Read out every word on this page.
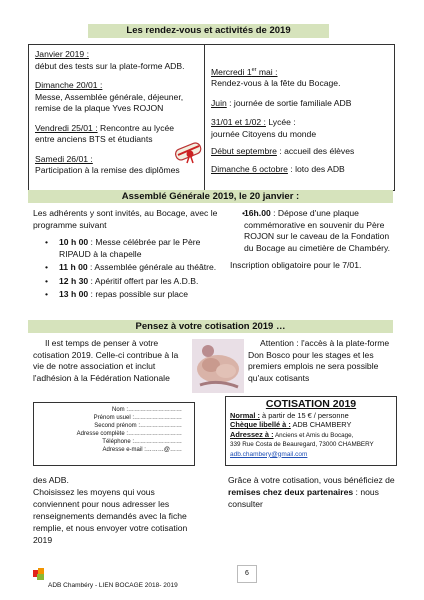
Les rendez-vous et activités de 2019
Janvier 2019 :
début des tests sur la plate-forme ADB.
Dimanche 20/01 :
Messe, Assemblée générale, déjeuner, remise de la plaque Yves ROJON
Vendredi 25/01 : Rencontre au lycée entre anciens BTS et étudiants
Samedi 26/01 :
Participation à la remise des diplômes
Mercredi 1er mai :
Rendez-vous à la fête du Bocage.
Juin : journée de sortie familiale ADB
31/01 et 1/02 : Lycée :
journée Citoyens du monde
Début septembre : accueil des élèves
Dimanche 6 octobre : loto des ADB
Assemblé Générale 2019, le 20 janvier :
Les adhérents y sont invités, au Bocage, avec le programme suivant
• 10 h 00 : Messe célébrée par le Père RIPAUD à la chapelle
• 11 h 00 : Assemblée générale au théâtre.
• 12 h 30 : Apéritif offert par les A.D.B.
• 13 h 00 : repas possible sur place
• 16h.00 : Dépose d'une plaque commémorative en souvenir du Père ROJON sur le caveau de la Fondation du Bocage au cimetière de Chambéry.
Inscription obligatoire pour le 7/01.
Pensez à votre cotisation 2019 …
Il est temps de penser à votre cotisation 2019. Celle-ci contribue à la vie de notre association et inclut l'adhésion à la Fédération Nationale
Attention : l'accès à la plate-forme Don Bosco pour les stages et les premiers emplois ne sera possible qu'aux cotisants
Nom :………………………
Prénom usuel :……………………
Second prénom :…………………
Adresse complète :………………………
Téléphone :……………………
Adresse e-mail :………@……
COTISATION 2019
Normal : à partir de 15 € / personne
Chèque libellé à : ADB CHAMBERY
Adressez à : Anciens et Amis du Bocage,
339 Rue Costa de Beauregard, 73000 CHAMBERY
adb.chambery@gmail.com
des ADB.
Choisissez les moyens qui vous conviennent pour nous adresser les renseignements demandés avec la fiche remplie, et nous envoyer votre cotisation 2019
Grâce à votre cotisation, vous bénéficiez de remises chez deux partenaires : nous consulter
ADB Chambéry - LIEN BOCAGE 2018- 2019
6
